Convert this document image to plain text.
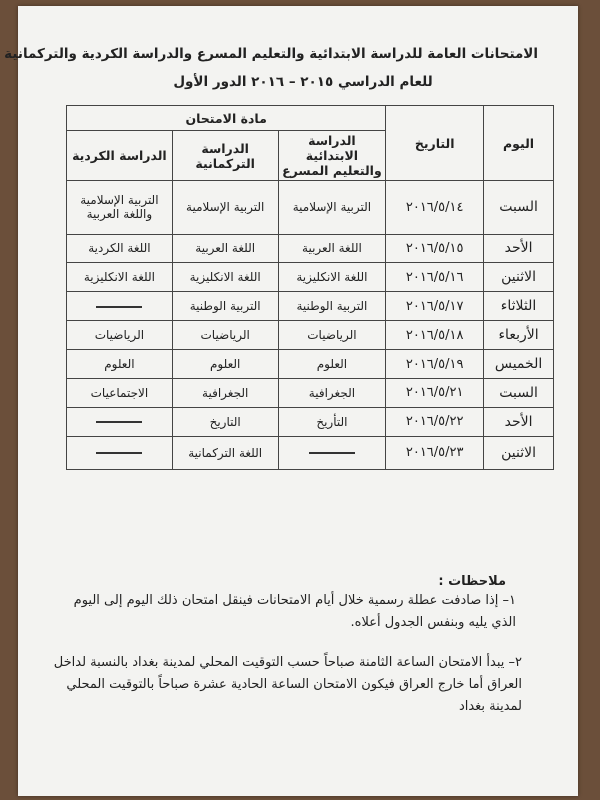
الامتحانات العامة للدراسة الابتدائية والتعليم المسرع والدراسة الكردية والتركمانية
للعام الدراسي ٢٠١٥ – ٢٠١٦ الدور الأول
اليوم	التاريخ	مادة الامتحان		
		الدراسة الابتدائية والتعليم المسرع	الدراسة التركمانية	الدراسة الكردية
السبت	٢٠١٦/٥/١٤	التربية الإسلامية	التربية الإسلامية	التربية الإسلامية واللغة العربية
الأحد	٢٠١٦/٥/١٥	اللغة العربية	اللغة العربية	اللغة الكردية
الاثنين	٢٠١٦/٥/١٦	اللغة الانكليزية	اللغة الانكليزية	اللغة الانكليزية
الثلاثاء	٢٠١٦/٥/١٧	التربية الوطنية	التربية الوطنية	
الأربعاء	٢٠١٦/٥/١٨	الرياضيات	الرياضيات	الرياضيات
الخميس	٢٠١٦/٥/١٩	العلوم	العلوم	العلوم
السبت	٢٠١٦/٥/٢١	الجغرافية	الجغرافية	الاجتماعيات
الأحد	٢٠١٦/٥/٢٢	التأريخ	التاريخ	
الاثنين	٢٠١٦/٥/٢٣		اللغة التركمانية	
ملاحظات :
١– إذا صادفت عطلة رسمية خلال أيام الامتحانات فينقل امتحان ذلك اليوم إلى اليوم الذي يليه وبنفس الجدول أعلاه.
٢– يبدأ الامتحان الساعة الثامنة صباحاً حسب التوقيت المحلي لمدينة بغداد بالنسبة لداخل العراق أما خارج العراق فيكون الامتحان الساعة الحادية عشرة صباحاً بالتوقيت المحلي لمدينة بغداد
